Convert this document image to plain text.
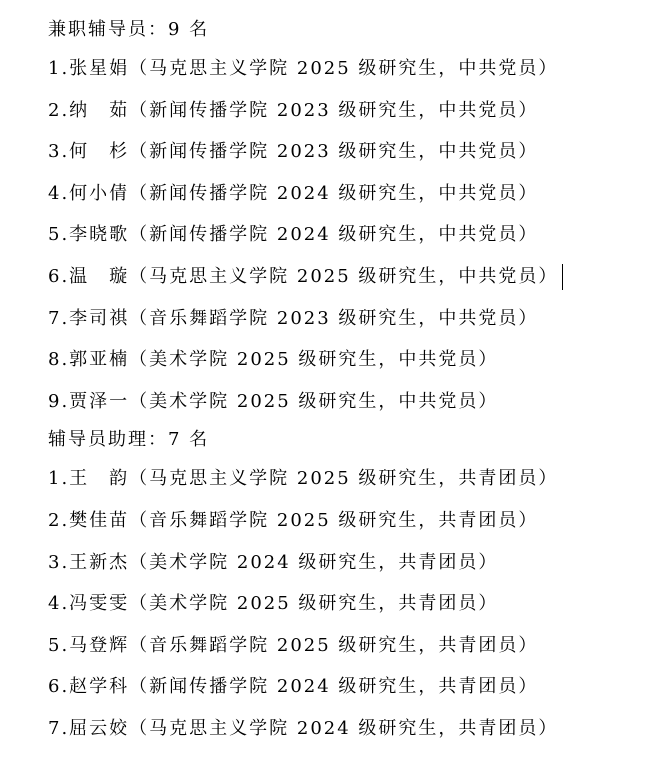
兼职辅导员：9 名
1.张星娟（马克思主义学院 2025 级研究生，中共党员）
2.纳　茹（新闻传播学院 2023 级研究生，中共党员）
3.何　杉（新闻传播学院 2023 级研究生，中共党员）
4.何小倩（新闻传播学院 2024 级研究生，中共党员）
5.李晓歌（新闻传播学院 2024 级研究生，中共党员）
6.温　璇（马克思主义学院 2025 级研究生，中共党员）
7.李司祺（音乐舞蹈学院 2023 级研究生，中共党员）
8.郭亚楠（美术学院 2025 级研究生，中共党员）
9.贾泽一（美术学院 2025 级研究生，中共党员）
辅导员助理：7 名
1.王　韵（马克思主义学院 2025 级研究生，共青团员）
2.樊佳苗（音乐舞蹈学院 2025 级研究生，共青团员）
3.王新杰（美术学院 2024 级研究生，共青团员）
4.冯雯雯（美术学院 2025 级研究生，共青团员）
5.马登辉（音乐舞蹈学院 2025 级研究生，共青团员）
6.赵学科（新闻传播学院 2024 级研究生，共青团员）
7.屈云姣（马克思主义学院 2024 级研究生，共青团员）
